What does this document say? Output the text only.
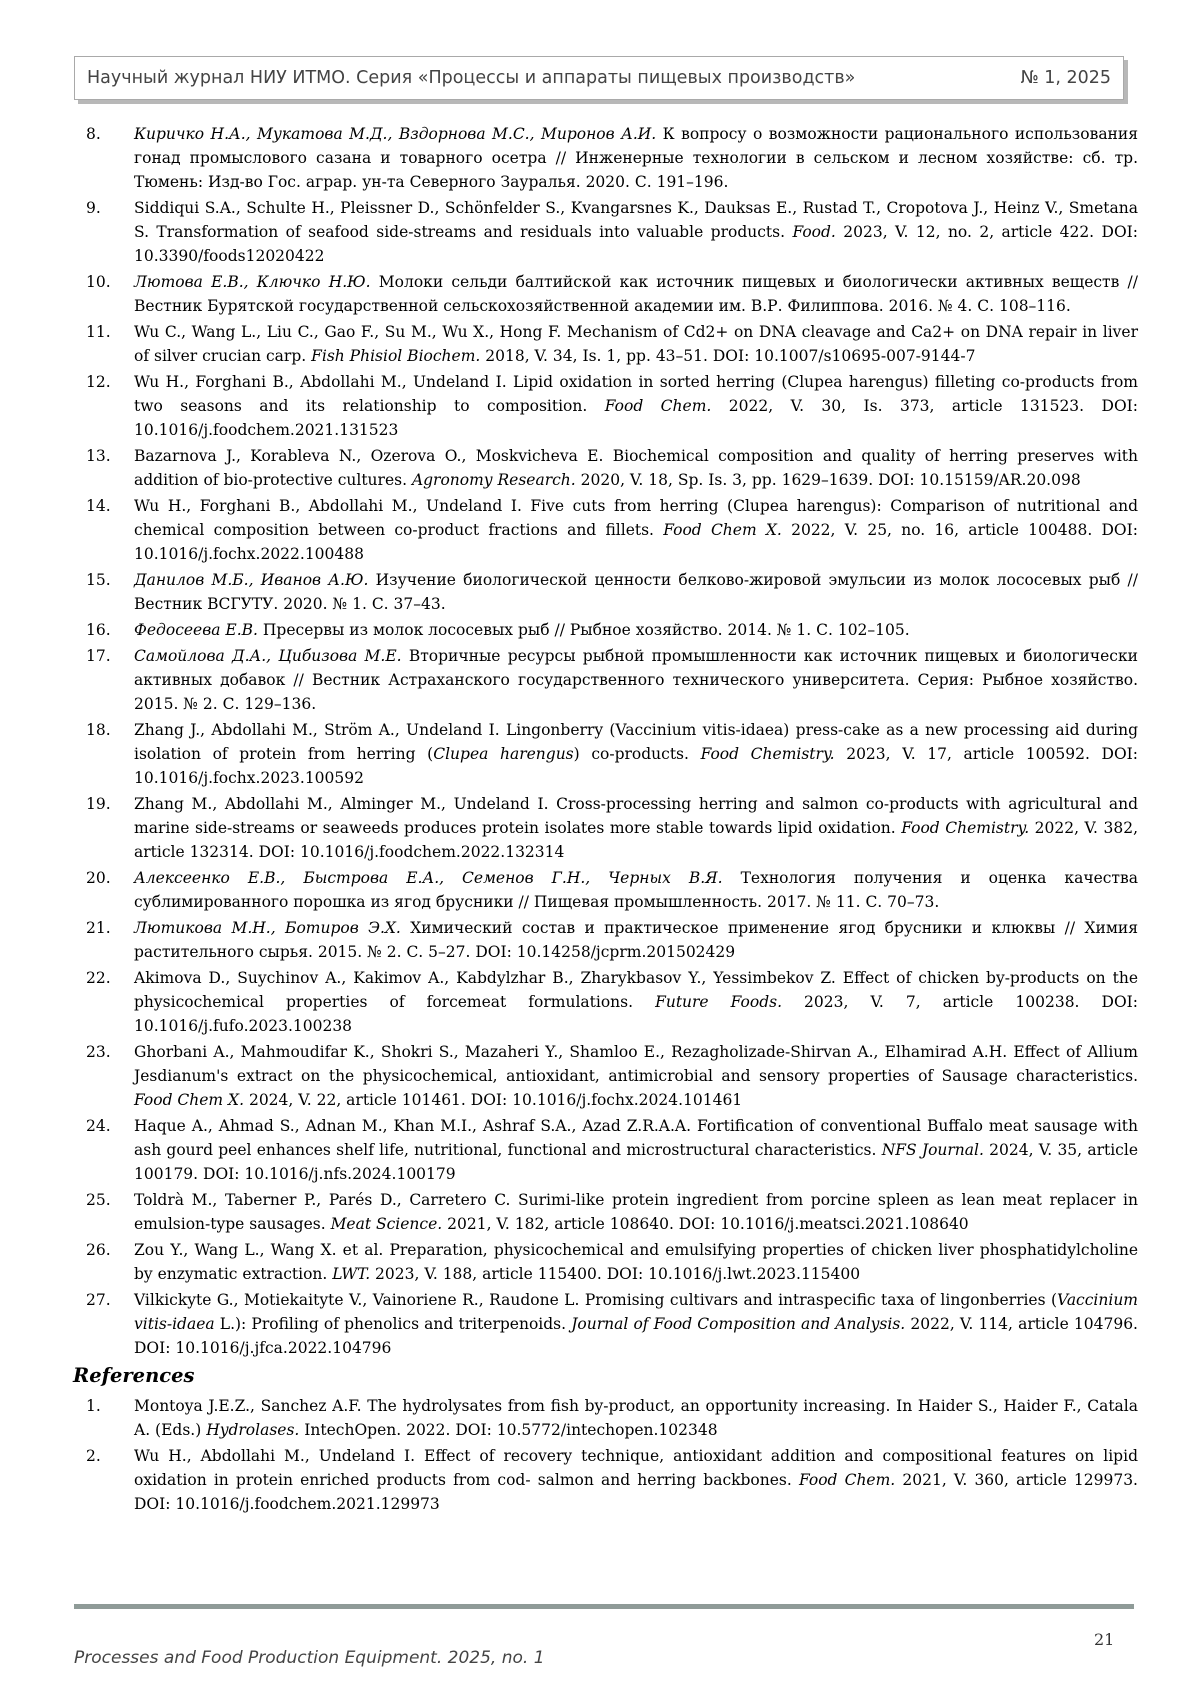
Научный журнал НИУ ИТМО. Серия «Процессы и аппараты пищевых производств»	№ 1, 2025
8. Киричко Н.А., Мукатова М.Д., Вздорнова М.С., Миронов А.И. К вопросу о возможности рационального использования гонад промыслового сазана и товарного осетра // Инженерные технологии в сельском и лесном хозяйстве: сб. тр. Тюмень: Изд-во Гос. аграр. ун-та Северного Зауралья. 2020. С. 191–196.
9. Siddiqui S.A., Schulte H., Pleissner D., Schönfelder S., Kvangarsnes K., Dauksas E., Rustad T., Cropotova J., Heinz V., Smetana S. Transformation of seafood side-streams and residuals into valuable products. Food. 2023, V. 12, no. 2, article 422. DOI: 10.3390/foods12020422
10. Лютова Е.В., Ключко Н.Ю. Молоки сельди балтийской как источник пищевых и биологически активных веществ // Вестник Бурятской государственной сельскохозяйственной академии им. В.Р. Филиппова. 2016. № 4. С. 108–116.
11. Wu C., Wang L., Liu C., Gao F., Su M., Wu X., Hong F. Mechanism of Cd2+ on DNA cleavage and Ca2+ on DNA repair in liver of silver crucian carp. Fish Phisiol Biochem. 2018, V. 34, Is. 1, pp. 43–51. DOI: 10.1007/s10695-007-9144-7
12. Wu H., Forghani B., Abdollahi M., Undeland I. Lipid oxidation in sorted herring (Clupea harengus) filleting co-products from two seasons and its relationship to composition. Food Chem. 2022, V. 30, Is. 373, article 131523. DOI: 10.1016/j.foodchem.2021.131523
13. Bazarnova J., Korableva N., Ozerova O., Moskvicheva E. Biochemical composition and quality of herring preserves with addition of bio-protective cultures. Agronomy Research. 2020, V. 18, Sp. Is. 3, pp. 1629–1639. DOI: 10.15159/AR.20.098
14. Wu H., Forghani B., Abdollahi M., Undeland I. Five cuts from herring (Clupea harengus): Comparison of nutritional and chemical composition between co-product fractions and fillets. Food Chem X. 2022, V. 25, no. 16, article 100488. DOI: 10.1016/j.fochx.2022.100488
15. Данилов М.Б., Иванов А.Ю. Изучение биологической ценности белково-жировой эмульсии из молок лососевых рыб // Вестник ВСГУТУ. 2020. № 1. С. 37–43.
16. Федосеева Е.В. Пресервы из молок лососевых рыб // Рыбное хозяйство. 2014. № 1. С. 102–105.
17. Самойлова Д.А., Цибизова М.Е. Вторичные ресурсы рыбной промышленности как источник пищевых и биологически активных добавок // Вестник Астраханского государственного технического университета. Серия: Рыбное хозяйство. 2015. № 2. С. 129–136.
18. Zhang J., Abdollahi M., Ström A., Undeland I. Lingonberry (Vaccinium vitis-idaea) press-cake as a new processing aid during isolation of protein from herring (Clupea harengus) co-products. Food Chemistry. 2023, V. 17, article 100592. DOI: 10.1016/j.fochx.2023.100592
19. Zhang M., Abdollahi M., Alminger M., Undeland I. Cross-processing herring and salmon co-products with agricultural and marine side-streams or seaweeds produces protein isolates more stable towards lipid oxidation. Food Chemistry. 2022, V. 382, article 132314. DOI: 10.1016/j.foodchem.2022.132314
20. Алексеенко Е.В., Быстрова Е.А., Семенов Г.Н., Черных В.Я. Технология получения и оценка качества сублимированного порошка из ягод брусники // Пищевая промышленность. 2017. № 11. С. 70–73.
21. Лютикова М.Н., Ботиров Э.Х. Химический состав и практическое применение ягод брусники и клюквы // Химия растительного сырья. 2015. № 2. С. 5–27. DOI: 10.14258/jcprm.201502429
22. Akimova D., Suychinov A., Kakimov A., Kabdylzhar B., Zharykbasov Y., Yessimbekov Z. Effect of chicken by-products on the physicochemical properties of forcemeat formulations. Future Foods. 2023, V. 7, article 100238. DOI: 10.1016/j.fufo.2023.100238
23. Ghorbani A., Mahmoudifar K., Shokri S., Mazaheri Y., Shamloo E., Rezagholizade-Shirvan A., Elhamirad A.H. Effect of Allium Jesdianum's extract on the physicochemical, antioxidant, antimicrobial and sensory properties of Sausage characteristics. Food Chem X. 2024, V. 22, article 101461. DOI: 10.1016/j.fochx.2024.101461
24. Haque A., Ahmad S., Adnan M., Khan M.I., Ashraf S.A., Azad Z.R.A.A. Fortification of conventional Buffalo meat sausage with ash gourd peel enhances shelf life, nutritional, functional and microstructural characteristics. NFS Journal. 2024, V. 35, article 100179. DOI: 10.1016/j.nfs.2024.100179
25. Toldrà M., Taberner P., Parés D., Carretero C. Surimi-like protein ingredient from porcine spleen as lean meat replacer in emulsion-type sausages. Meat Science. 2021, V. 182, article 108640. DOI: 10.1016/j.meatsci.2021.108640
26. Zou Y., Wang L., Wang X. et al. Preparation, physicochemical and emulsifying properties of chicken liver phosphatidylcholine by enzymatic extraction. LWT. 2023, V. 188, article 115400. DOI: 10.1016/j.lwt.2023.115400
27. Vilkickyte G., Motiekaityte V., Vainoriene R., Raudone L. Promising cultivars and intraspecific taxa of lingonberries (Vaccinium vitis-idaea L.): Profiling of phenolics and triterpenoids. Journal of Food Composition and Analysis. 2022, V. 114, article 104796. DOI: 10.1016/j.jfca.2022.104796
References
1. Montoya J.E.Z., Sanchez A.F. The hydrolysates from fish by-product, an opportunity increasing. In Haider S., Haider F., Catala A. (Eds.) Hydrolases. IntechOpen. 2022. DOI: 10.5772/intechopen.102348
2. Wu H., Abdollahi M., Undeland I. Effect of recovery technique, antioxidant addition and compositional features on lipid oxidation in protein enriched products from cod- salmon and herring backbones. Food Chem. 2021, V. 360, article 129973. DOI: 10.1016/j.foodchem.2021.129973
Processes and Food Production Equipment. 2025, no. 1
21
